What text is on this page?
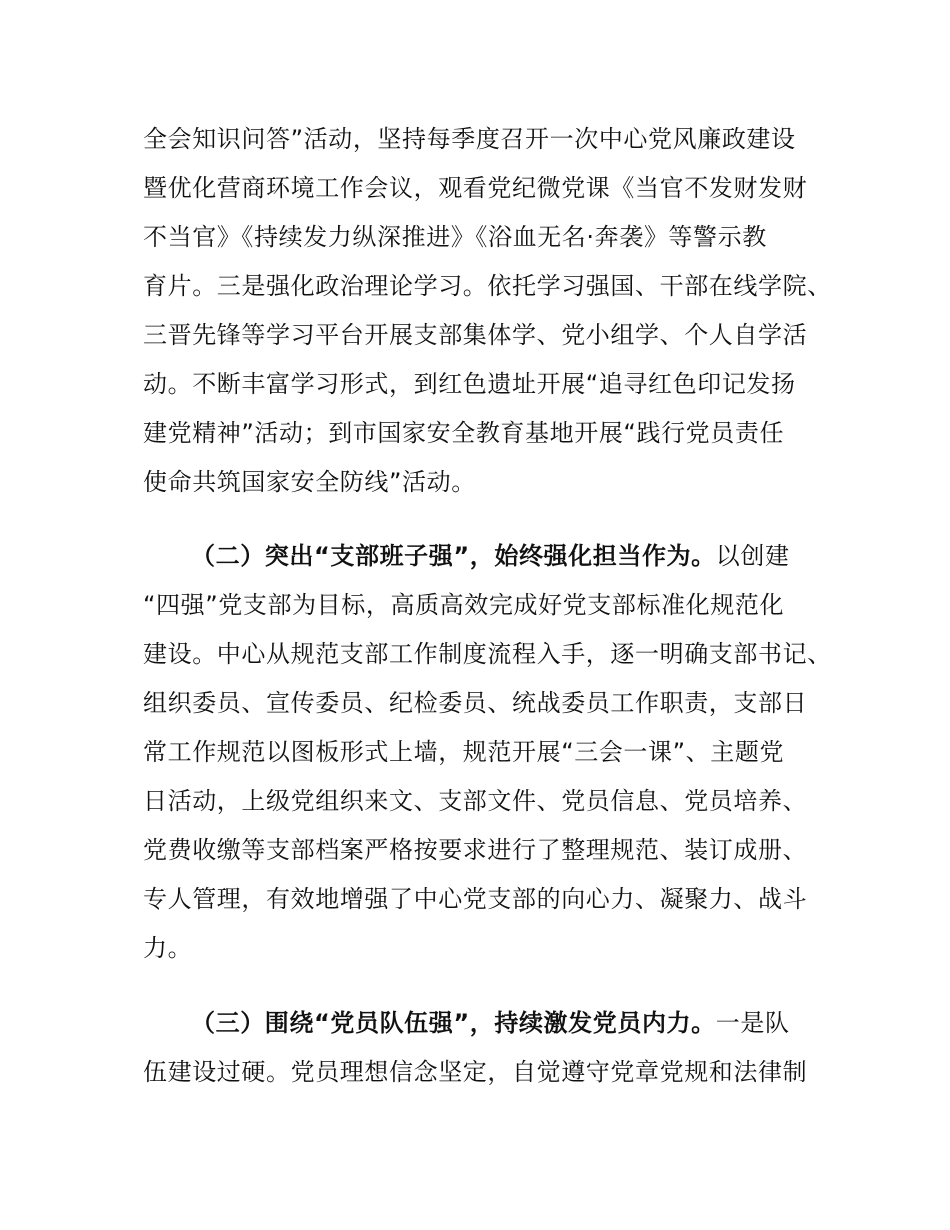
全会知识问答”活动，坚持每季度召开一次中心党风廉政建设
暨优化营商环境工作会议，观看党纪微党课《当官不发财发财
不当官》《持续发力纵深推进》《浴血无名·奔袭》等警示教
育片。三是强化政治理论学习。依托学习强国、干部在线学院、
三晋先锋等学习平台开展支部集体学、党小组学、个人自学活
动。不断丰富学习形式，到红色遗址开展“追寻红色印记发扬
建党精神”活动；到市国家安全教育基地开展“践行党员责任
使命共筑国家安全防线”活动。
（二）突出“支部班子强”，始终强化担当作为。以创建
“四强”党支部为目标，高质高效完成好党支部标准化规范化
建设。中心从规范支部工作制度流程入手，逐一明确支部书记、
组织委员、宣传委员、纪检委员、统战委员工作职责，支部日
常工作规范以图板形式上墙，规范开展“三会一课”、主题党
日活动，上级党组织来文、支部文件、党员信息、党员培养、
党费收缴等支部档案严格按要求进行了整理规范、装订成册、
专人管理，有效地增强了中心党支部的向心力、凝聚力、战斗
力。
（三）围绕“党员队伍强”，持续激发党员内力。一是队
伍建设过硬。党员理想信念坚定，自觉遵守党章党规和法律制
